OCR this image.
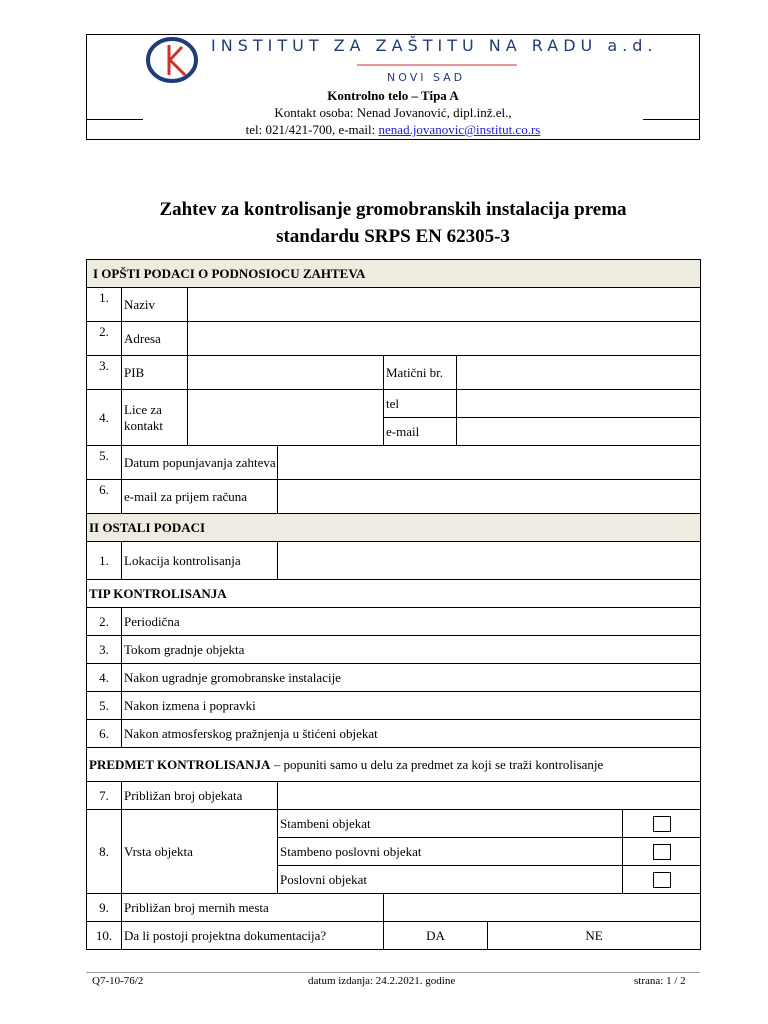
INSTITUT ZA ZAŠTITU NA RADU a.d.
NOVI SAD
Kontrolno telo – Tipa A
Kontakt osoba: Nenad Jovanović, dipl.inž.el.,
tel: 021/421-700, e-mail: nenad.jovanovic@institut.co.rs
Zahtev za kontrolisanje gromobranskih instalacija prema
standardu SRPS EN 62305-3
I OPŠTI PODACI O PODNOSIOCU ZAHTEVA							
1.	Naziv						
2.	Adresa						
3.	PIB			Matični br.			
4.	Lice za kontakt			tel			
				e-mail			
5.	Datum popunjavanja zahteva						
6.	e-mail za prijem računa						
II OSTALI PODACI							
1.	Lokacija kontrolisanja						
TIP KONTROLISANJA							
2.	Periodična						
3.	Tokom gradnje objekta						
4.	Nakon ugradnje gromobranske instalacije						
5.	Nakon izmena i popravki						
6.	Nakon atmosferskog pražnjenja u štićeni objekat						
PREDMET KONTROLISANJA – popuniti samo u delu za predmet za koji se traži kontrolisanje							
7.	Približan broj objekata						
8.	Vrsta objekta		Stambeni objekat				
			Stambeno poslovni objekat				
			Poslovni objekat				
9.	Približan broj mernih mesta						
10.	Da li postoji projektna dokumentacija?			DA		NE	
Q7-10-76/2	datum izdanja: 24.2.2021. godine	strana: 1 / 2
